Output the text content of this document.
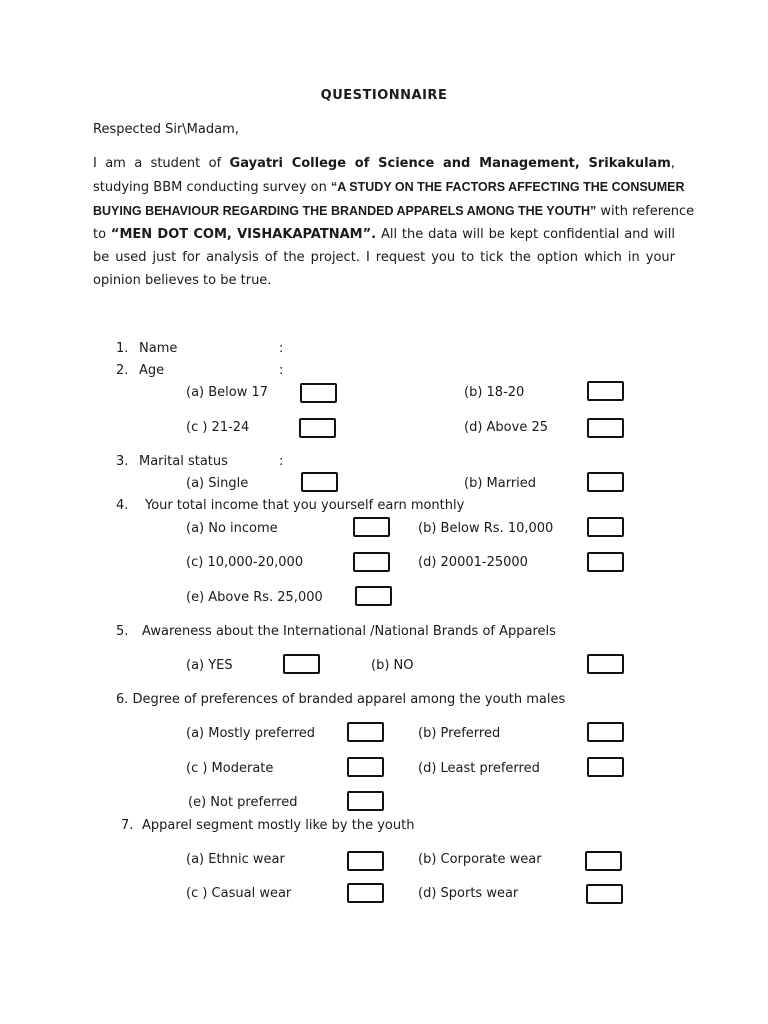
QUESTIONNAIRE
Respected Sir\Madam,
I am a student of Gayatri College of Science and Management, Srikakulam,
studying BBM conducting survey on “A STUDY ON THE FACTORS AFFECTING THE CONSUMER
BUYING BEHAVIOUR REGARDING THE BRANDED APPARELS AMONG THE YOUTH” with reference
to “MEN DOT COM, VISHAKAPATNAM”. All the data will be kept confidential and will
be used just for analysis of the project. I request you to tick the option which in your
opinion believes to be true.
1. Name	:
2. Age	:
(a) Below 17	(b) 18-20
(c ) 21-24	(d) Above 25
3. Marital status	:
(a) Single	(b) Married
4. Your total income that you yourself earn monthly
(a) No income	(b) Below Rs. 10,000
(c) 10,000-20,000	(d) 20001-25000
(e) Above Rs. 25,000
5. Awareness about the International /National Brands of Apparels
(a) YES	(b) NO
6. Degree of preferences of branded apparel among the youth males
(a) Mostly preferred	(b) Preferred
(c ) Moderate	(d) Least preferred
(e) Not preferred
7. Apparel segment mostly like by the youth
(a) Ethnic wear	(b) Corporate wear
(c ) Casual wear	(d) Sports wear
